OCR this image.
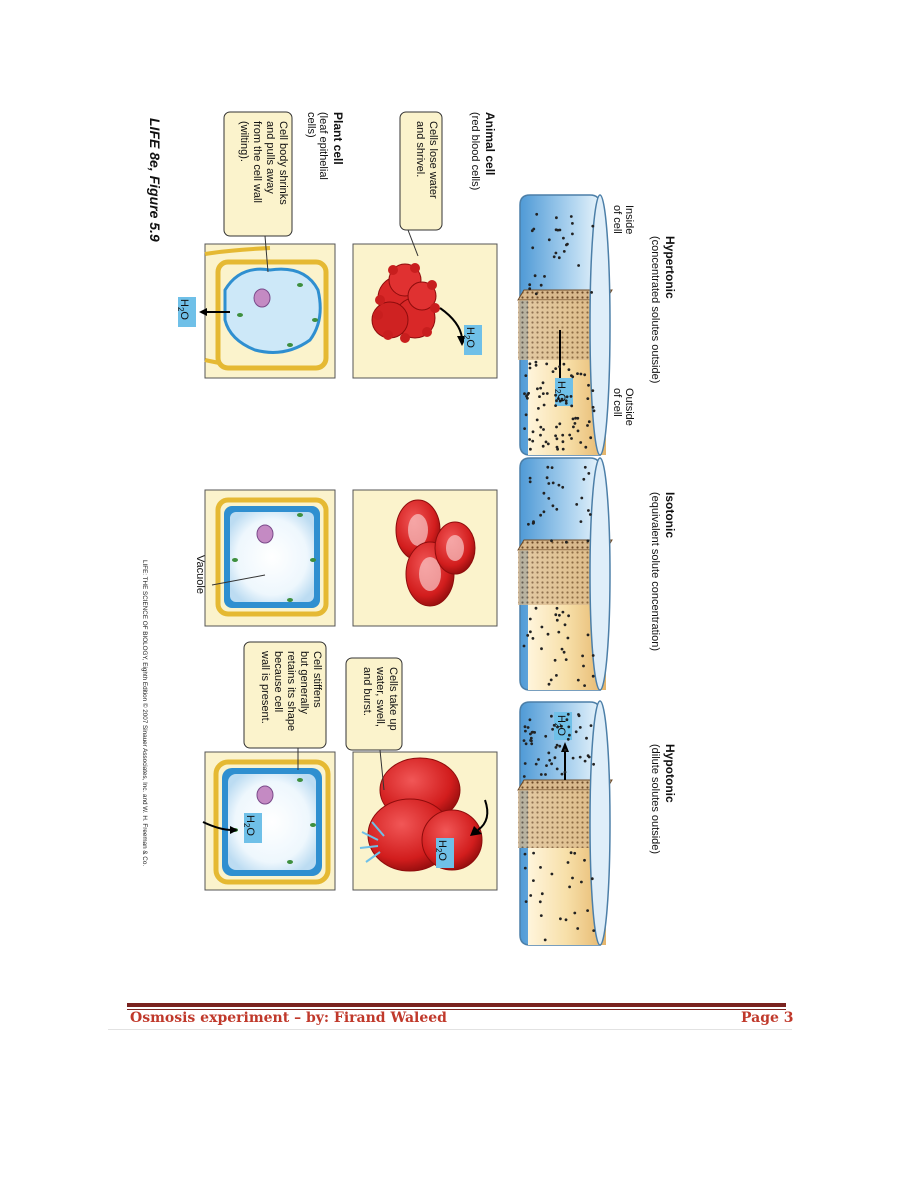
Hypertonic
(concentrated solutes outside)
Isotonic
(equivalent solute concentration)
Hypotonic
(dilute solutes outside)
Inside
of cell
Outside
of cell
$H_2O$
$H_2O$
$H_2O$
$H_2O$
$H_2O$
$H_2O$
Animal cell
(red blood cells)
Plant cell
(leaf epithelial
cells)	Cells lose water
and shrivel.
Cell body shrinks
and pulls away
from the cell wall
(wilting).
Cells take up
water, swell,
and burst.
Cell stiffens
but generally
retains its shape
because cell
wall is present.
Vacuole
LIFE 8e, Figure 5.9
LIFE: THE SCIENCE OF BIOLOGY, Eighth Edition © 2007 Sinauer Associates, Inc. and W. H. Freeman & Co.
Osmosis experiment – by: Firand Waleed	Page 3
